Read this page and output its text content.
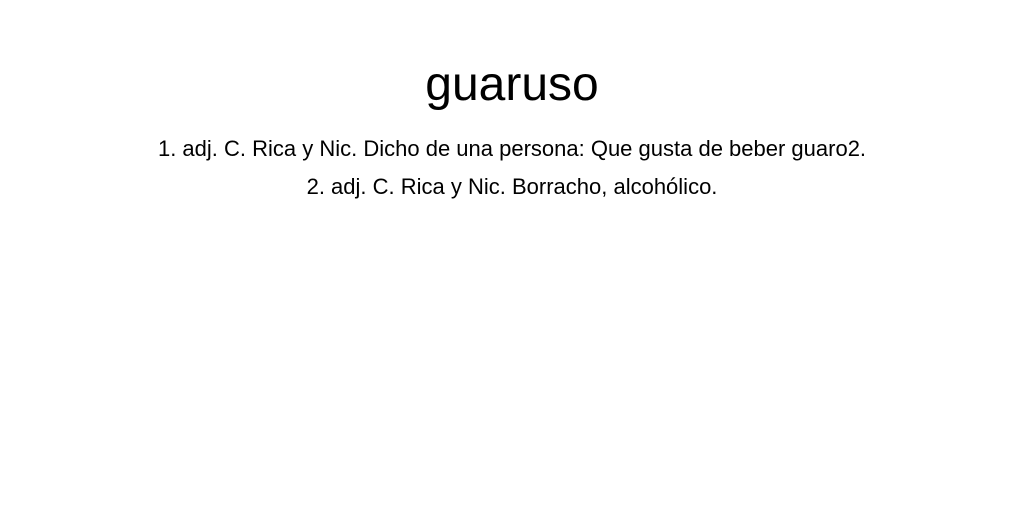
guaruso
1. adj. C. Rica y Nic. Dicho de una persona: Que gusta de beber guaro2.
2. adj. C. Rica y Nic. Borracho, alcohólico.
